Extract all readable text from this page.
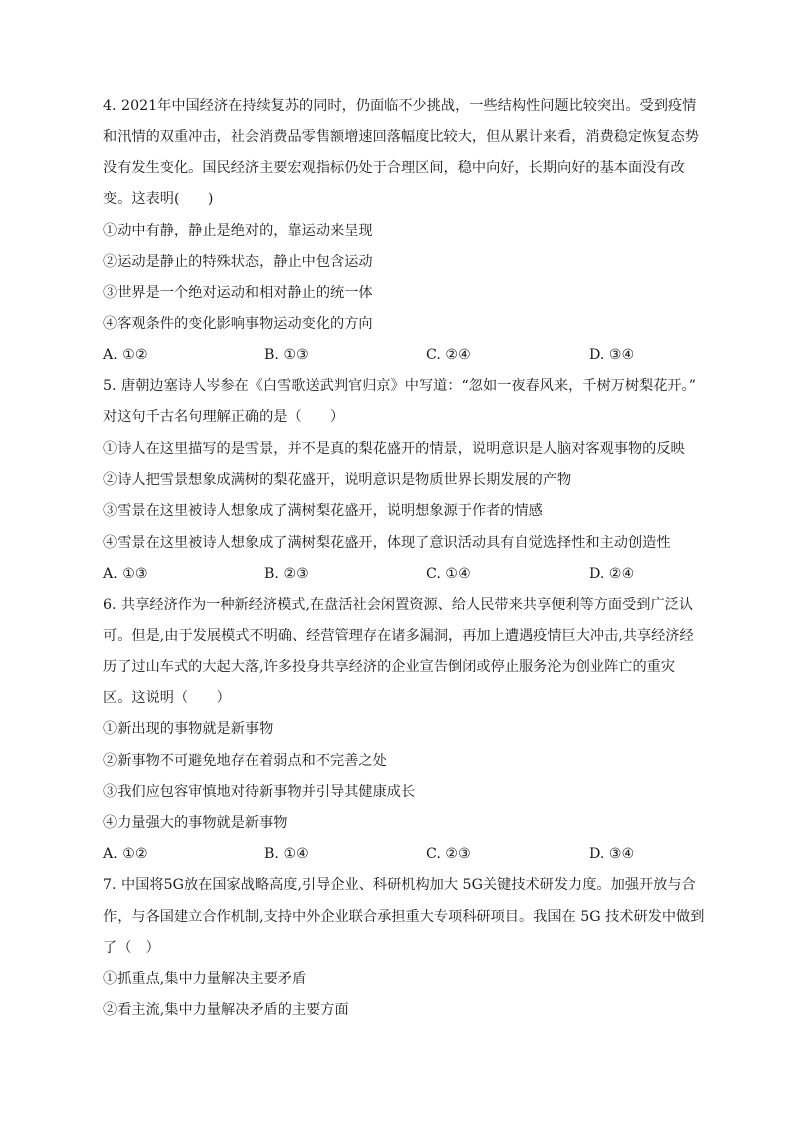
4. 2021年中国经济在持续复苏的同时，仍面临不少挑战，一些结构性问题比较突出。受到疫情
和汛情的双重冲击，社会消费品零售额增速回落幅度比较大，但从累计来看，消费稳定恢复态势
没有发生变化。国民经济主要宏观指标仍处于合理区间，稳中向好，长期向好的基本面没有改
变。这表明(　　)
①动中有静，静止是绝对的，靠运动来呈现
②运动是静止的特殊状态，静止中包含运动
③世界是一个绝对运动和相对静止的统一体
④客观条件的变化影响事物运动变化的方向
A. ①②	B. ①③	C. ②④	D. ③④
5. 唐朝边塞诗人岑参在《白雪歌送武判官归京》中写道：“忽如一夜春风来，千树万树梨花开。”
对这句千古名句理解正确的是（　　）
①诗人在这里描写的是雪景，并不是真的梨花盛开的情景，说明意识是人脑对客观事物的反映
②诗人把雪景想象成满树的梨花盛开，说明意识是物质世界长期发展的产物
③雪景在这里被诗人想象成了满树梨花盛开，说明想象源于作者的情感
④雪景在这里被诗人想象成了满树梨花盛开，体现了意识活动具有自觉选择性和主动创造性
A. ①③	B. ②③	C. ①④	D. ②④
6. 共享经济作为一种新经济模式,在盘活社会闲置资源、给人民带来共享便利等方面受到广泛认
可。但是,由于发展模式不明确、经营管理存在诸多漏洞，再加上遭遇疫情巨大冲击,共享经济经
历了过山车式的大起大落,许多投身共享经济的企业宣告倒闭或停止服务沦为创业阵亡的重灾
区。这说明（　　）
①新出现的事物就是新事物
②新事物不可避免地存在着弱点和不完善之处
③我们应包容审慎地对待新事物并引导其健康成长
④力量强大的事物就是新事物
A. ①②	B. ①④	C. ②③	D. ③④
7. 中国将5G放在国家战略高度,引导企业、科研机构加大 5G关键技术研发力度。加强开放与合
作，与各国建立合作机制,支持中外企业联合承担重大专项科研项目。我国在 5G 技术研发中做到
了（　）
①抓重点,集中力量解决主要矛盾
②看主流,集中力量解决矛盾的主要方面
